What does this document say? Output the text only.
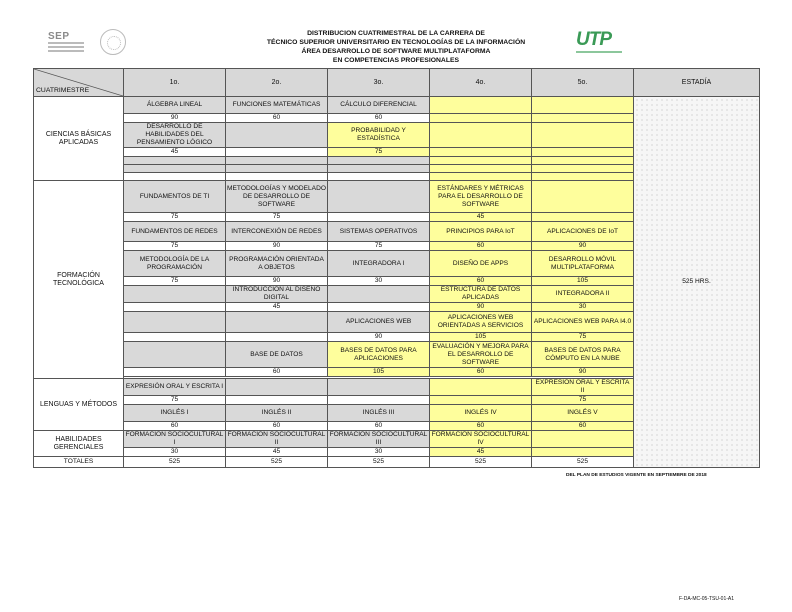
SEP	DISTRIBUCION CUATRIMESTRAL DE LA CARRERA DE
TÉCNICO SUPERIOR UNIVERSITARIO EN TECNOLOGÍAS DE LA INFORMACIÓN
ÁREA DESARROLLO DE SOFTWARE MULTIPLATAFORMA
EN COMPETENCIAS PROFESIONALES
UTP
CUATRIMESTRE	1o.	2o.	3o.	4o.	5o.	ESTADÍA
CIENCIAS BÁSICAS APLICADAS	ÁLGEBRA LINEAL	FUNCIONES MATEMÁTICAS	CÁLCULO DIFERENCIAL			525 HRS.
	90	60	60			
	DESARROLLO DE HABILIDADES DEL PENSAMIENTO LÓGICO		PROBABILIDAD Y ESTADÍSTICA			
	45		75			

FORMACIÓN TECNOLÓGICA	FUNDAMENTOS DE TI	METODOLOGÍAS Y MODELADO DE DESARROLLO DE SOFTWARE		ESTÁNDARES Y MÉTRICAS PARA EL DESARROLLO DE SOFTWARE		
	75	75		45		
	FUNDAMENTOS DE REDES	INTERCONEXIÓN DE REDES	SISTEMAS OPERATIVOS	PRINCIPIOS PARA IoT	APLICACIONES DE IoT	
	75	90	75	60	90	
	METODOLOGÍA DE LA PROGRAMACIÓN	PROGRAMACIÓN ORIENTADA A OBJETOS	INTEGRADORA I	DISEÑO DE APPS	DESARROLLO MÓVIL MULTIPLATAFORMA	
	75	90	30	60	105	
		INTRODUCCIÓN AL DISEÑO DIGITAL		ESTRUCTURA DE DATOS APLICADAS	INTEGRADORA II	
		45		90	30	
			APLICACIONES WEB	APLICACIONES WEB ORIENTADAS A SERVICIOS	APLICACIONES WEB PARA I4.0	
			90	105	75	
		BASE DE DATOS	BASES DE DATOS PARA APLICACIONES	EVALUACIÓN Y MEJORA PARA EL DESARROLLO DE SOFTWARE	BASES DE DATOS PARA CÓMPUTO EN LA NUBE	
		60	105	60	90	

LENGUAS Y MÉTODOS	EXPRESIÓN ORAL Y ESCRITA I				EXPRESIÓN ORAL Y ESCRITA II	
	75				75	
	INGLÉS I	INGLÉS II	INGLÉS III	INGLÉS IV	INGLÉS V	
	60	60	60	60	60	
HABILIDADES GERENCIALES	FORMACIÓN SOCIOCULTURAL I	FORMACIÓN SOCIOCULTURAL II	FORMACIÓN SOCIOCULTURAL III	FORMACIÓN SOCIOCULTURAL IV		
	30	45	30	45		
TOTALES	525	525	525	525	525	
DEL PLAN DE ESTUDIOS VIGENTE EN SEPTIEMBRE DE 2018
F-DA-MC-05-TSU-01-A1
